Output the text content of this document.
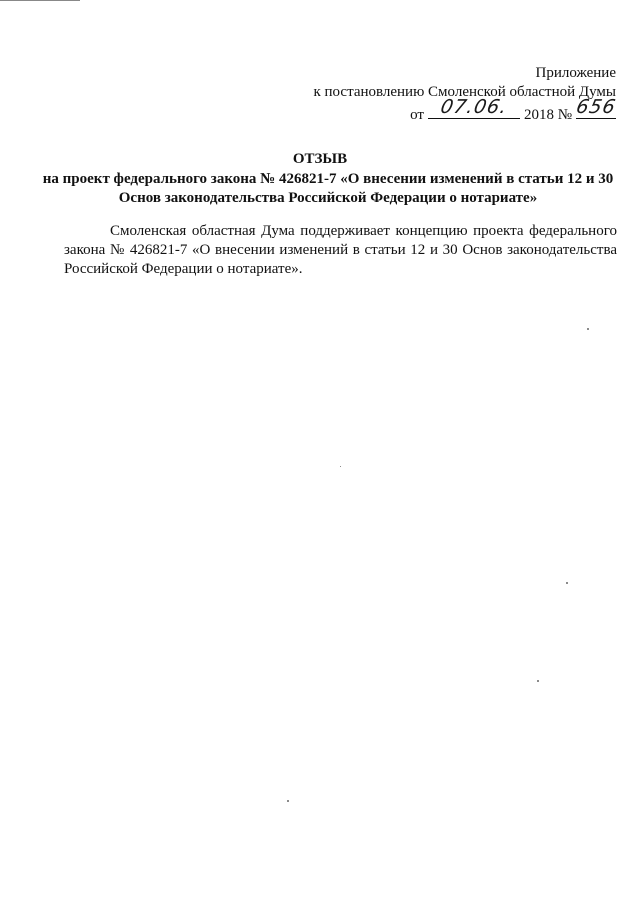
Приложение
к постановлению Смоленской областной Думы
от 07.06. 2018 № 656
ОТЗЫВ
на проект федерального закона № 426821-7 «О внесении изменений в статьи 12 и 30 Основ законодательства Российской Федерации о нотариате»
Смоленская областная Дума поддерживает концепцию проекта федерального закона № 426821-7 «О внесении изменений в статьи 12 и 30 Основ законодательства Российской Федерации о нотариате».
